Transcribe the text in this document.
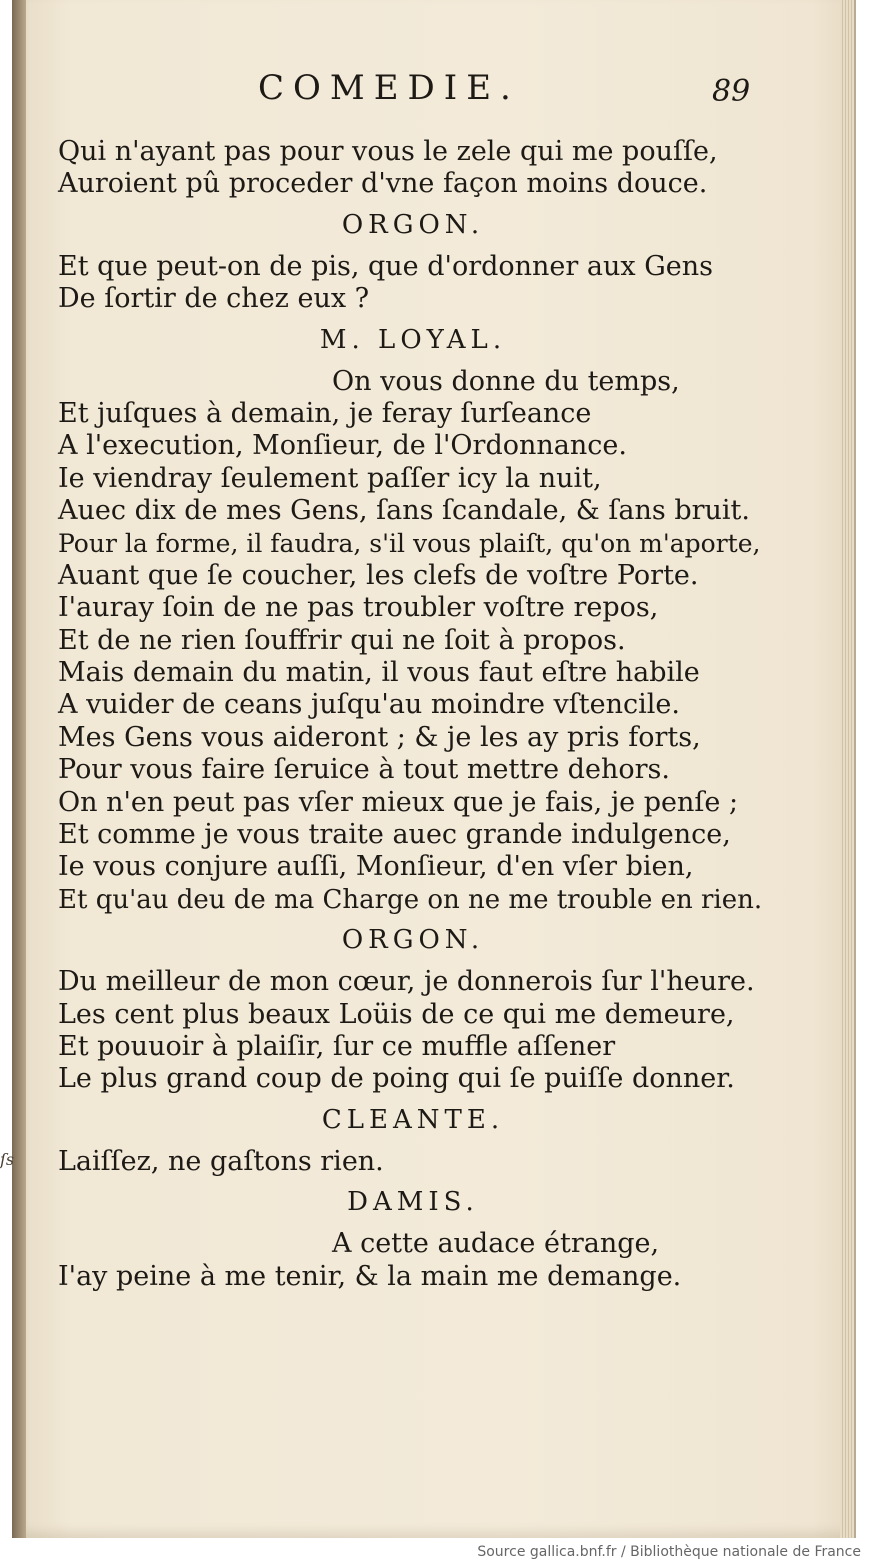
COMEDIE.	89
Qui n'ayant pas pour vous le zele qui me pouſſe,
Auroient pû proceder d'vne façon moins douce.
ORGON.
Et que peut-on de pis, que d'ordonner aux Gens
De ſortir de chez eux ?
M. LOYAL.
On vous donne du temps,
Et juſques à demain, je feray ſurſeance
A l'execution, Monſieur, de l'Ordonnance.
Ie viendray ſeulement paſſer icy la nuit,
Auec dix de mes Gens, ſans ſcandale, & ſans bruit.
Pour la forme, il faudra, s'il vous plaiſt, qu'on m'aporte,
Auant que ſe coucher, les clefs de voſtre Porte.
I'auray ſoin de ne pas troubler voſtre repos,
Et de ne rien ſouffrir qui ne ſoit à propos.
Mais demain du matin, il vous faut eſtre habile
A vuider de ceans juſqu'au moindre vſtencile.
Mes Gens vous aideront ; & je les ay pris forts,
Pour vous faire ſeruice à tout mettre dehors.
On n'en peut pas vſer mieux que je fais, je penſe ;
Et comme je vous traite auec grande indulgence,
Ie vous conjure auſſi, Monſieur, d'en vſer bien,
Et qu'au deu de ma Charge on ne me trouble en rien.
ORGON.
Du meilleur de mon cœur, je donnerois ſur l'heure.
Les cent plus beaux Loüis de ce qui me demeure,
Et pouuoir à plaiſir, ſur ce muffle aſſener
Le plus grand coup de poing qui ſe puiſſe donner.
CLEANTE.
Laiſſez, ne gaſtons rien.
DAMIS.
A cette audace étrange,
I'ay peine à me tenir, & la main me demange.
ſs
Source gallica.bnf.fr / Bibliothèque nationale de France
